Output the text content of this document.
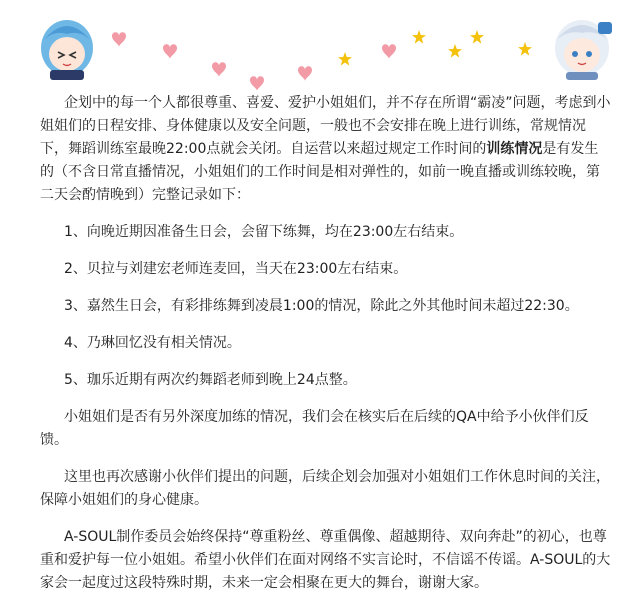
企划中的每一个人都很尊重、喜爱、爱护小姐姐们，并不存在所谓“霸凌”问题，考虑到小姐姐们的日程安排、身体健康以及安全问题，一般也不会安排在晚上进行训练，常规情况下，舞蹈训练室最晚22:00点就会关闭。自运营以来超过规定工作时间的训练情况是有发生的（不含日常直播情况，小姐姐们的工作时间是相对弹性的，如前一晚直播或训练较晚，第二天会酌情晚到）完整记录如下：

1、向晚近期因准备生日会，会留下练舞，均在23:00左右结束。
2、贝拉与刘建宏老师连麦回，当天在23:00左右结束。
3、嘉然生日会，有彩排练舞到凌晨1:00的情况，除此之外其他时间未超过22:30。
4、乃琳回忆没有相关情况。
5、珈乐近期有两次约舞蹈老师到晚上24点整。

小姐姐们是否有另外深度加练的情况，我们会在核实后在后续的QA中给予小伙伴们反馈。

这里也再次感谢小伙伴们提出的问题，后续企划会加强对小姐姐们工作休息时间的关注，保障小姐姐们的身心健康。

A-SOUL制作委员会始终保持“尊重粉丝、尊重偶像、超越期待、双向奔赴”的初心，也尊重和爱护每一位小姐姐。希望小伙伴们在面对网络不实言论时，不信谣不传谣。A-SOUL的大家会一起度过这段特殊时期，未来一定会相聚在更大的舞台，谢谢大家。
